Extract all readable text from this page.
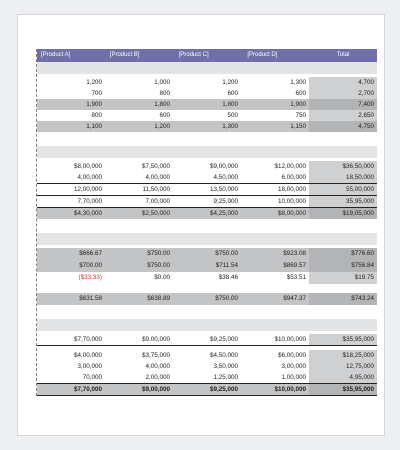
[Product A]	[Product B]	[Product C]	[Product D]	Total
1,200	1,000	1,200	1,300	4,700
700	800	600	600	2,700
1,900	1,800	1,800	1,900	7,400
800	600	500	750	2,650
1,100	1,200	1,300	1,150	4,750
$8,00,000	$7,50,000	$9,00,000	$12,00,000	$36,50,000
4,00,000	4,00,000	4,50,000	6,00,000	18,50,000
12,00,000	11,50,000	13,50,000	18,00,000	55,00,000
7,70,000	7,00,000	9,25,000	10,00,000	35,95,000
$4,30,000	$2,50,000	$4,25,000	$8,00,000	$19,05,000
$666.67	$750.00	$750.00	$923.08	$776.60
$700.00	$750.00	$711.54	$869.57	$756.84
($33.33)	$0.00	$38.46	$53.51	$19.75
$631.58	$638.89	$750.00	$947.37	$743.24
$7,70,000	$9,00,000	$9,25,000	$10,00,000	$35,95,000
$4,00,000	$3,75,000	$4,50,000	$6,00,000	$18,25,000
3,00,000	4,00,000	3,50,000	3,00,000	12,75,000
70,000	2,00,000	1,25,000	1,00,000	4,95,000
$7,70,000	$9,00,000	$9,25,000	$10,00,000	$35,95,000
